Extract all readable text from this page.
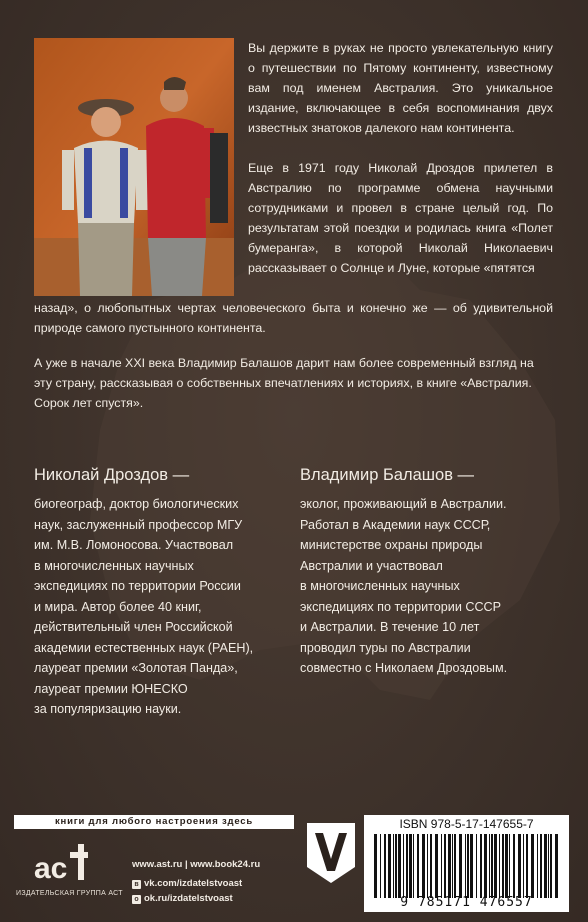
Вы держите в руках не просто увлекательную книгу о путешествии по Пятому континенту, известному вам под именем Австралия. Это уникальное издание, включающее в себя воспоминания двух известных знатоков далекого нам континента.

Еще в 1971 году Николай Дроздов прилетел в Австралию по программе обмена научными сотрудниками и провел в стране целый год. По результатам этой поездки и родилась книга «Полет бумеранга», в которой Николай Николаевич рассказывает о Солнце и Луне, которые «пятятся

назад», о любопытных чертах человеческого быта и конечно же — об удивительной природе самого пустынного континента.

А уже в начале XXI века Владимир Балашов дарит нам более современный взгляд на эту страну, рассказывая о собственных впечатлениях и историях, в книге «Австралия. Сорок лет спустя».

Николай Дроздов —
биогеограф, доктор биологических
наук, заслуженный профессор МГУ
им. М.В. Ломоносова. Участвовал
в многочисленных научных
экспедициях по территории России
и мира. Автор более 40 книг,
действительный член Российской
академии естественных наук (РАЕН),
лауреат премии «Золотая Панда»,
лауреат премии ЮНЕСКО
за популяризацию науки.
Владимир Балашов —
эколог, проживающий в Австралии.
Работал в Академии наук СССР,
министерстве охраны природы
Австралии и участвовал
в многочисленных научных
экспедициях по территории СССР
и Австралии. В течение 10 лет
проводил туры по Австралии
совместно с Николаем Дроздовым.
книги для любого настроения здесь
ac
ИЗДАТЕЛЬСКАЯ ГРУППА АСТ
www.ast.ru | www.book24.ru
в vk.com/izdatelstvoast
о ok.ru/izdatelstvoast
ISBN 978-5-17-147655-7
9 785171 476557
